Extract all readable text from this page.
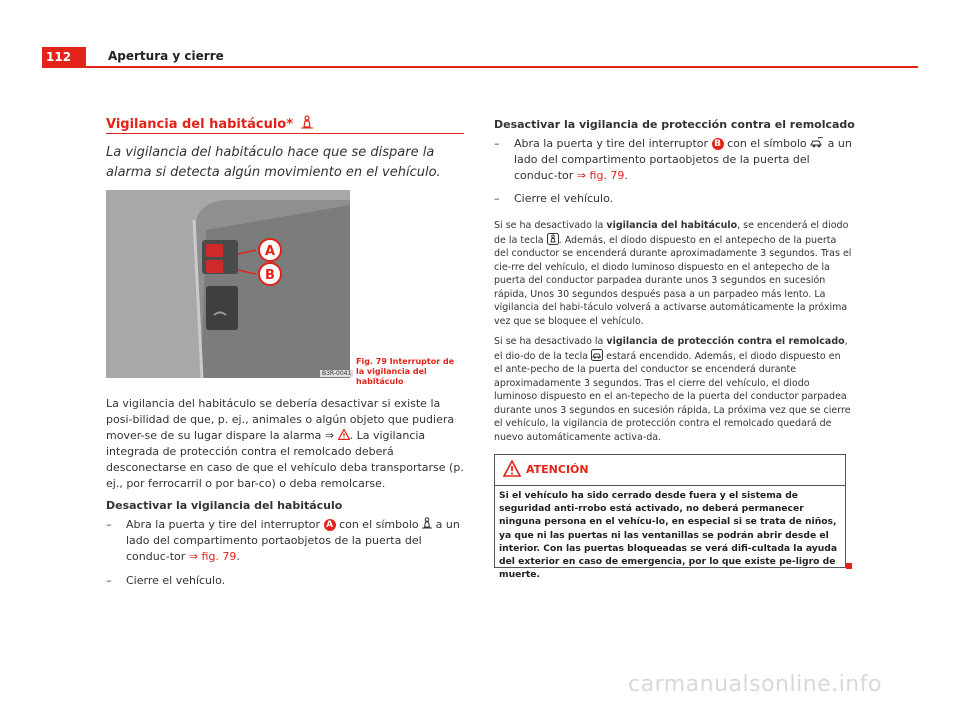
112	Apertura y cierre
Vigilancia del habitáculo*
La vigilancia del habitáculo hace que se dispare la alarma si detecta algún movimiento en el vehículo.
A
B
B3R-0041
Fig. 79 Interruptor de la vigilancia del habitáculo
La vigilancia del habitáculo se debería desactivar si existe la posi-bilidad de que, p. ej., animales o algún objeto que pudiera mover-se de su lugar dispare la alarma ⇒ . La vigilancia integrada de protección contra el remolcado deberá desconectarse en caso de que el vehículo deba transportarse (p. ej., por ferrocarril o por bar-co) o deba remolcarse.
Desactivar la vigilancia del habitáculo
–	Abra la puerta y tire del interruptor A con el símbolo a un lado del compartimento portaobjetos de la puerta del conduc-tor ⇒ fig. 79.
–	Cierre el vehículo.
Desactivar la vigilancia de protección contra el remolcado
–	Abra la puerta y tire del interruptor B con el símbolo a un lado del compartimento portaobjetos de la puerta del conduc-tor ⇒ fig. 79.
–	Cierre el vehículo.
Si se ha desactivado la vigilancia del habitáculo, se encenderá el diodo de la tecla . Además, el diodo dispuesto en el antepecho de la puerta del conductor se encenderá durante aproximadamente 3 segundos. Tras el cie-rre del vehículo, el diodo luminoso dispuesto en el antepecho de la puerta del conductor parpadea durante unos 3 segundos en sucesión rápida, Unos 30 segundos después pasa a un parpadeo más lento. La vigilancia del habi-táculo volverá a activarse automáticamente la próxima vez que se bloquee el vehículo.
Si se ha desactivado la vigilancia de protección contra el remolcado, el dio-do de la tecla estará encendido. Además, el diodo dispuesto en el ante-pecho de la puerta del conductor se encenderá durante aproximadamente 3 segundos. Tras el cierre del vehículo, el diodo luminoso dispuesto en el an-tepecho de la puerta del conductor parpadea durante unos 3 segundos en sucesión rápida, La próxima vez que se cierre el vehículo, la vigilancia de protección contra el remolcado quedará de nuevo automáticamente activa-da.
ATENCIÓN
Si el vehículo ha sido cerrado desde fuera y el sistema de seguridad anti-rrobo está activado, no deberá permanecer ninguna persona en el vehícu-lo, en especial si se trata de niños, ya que ni las puertas ni las ventanillas se podrán abrir desde el interior. Con las puertas bloqueadas se verá difi-cultada la ayuda del exterior en caso de emergencia, por lo que existe pe-ligro de muerte.
carmanualsonline.info
